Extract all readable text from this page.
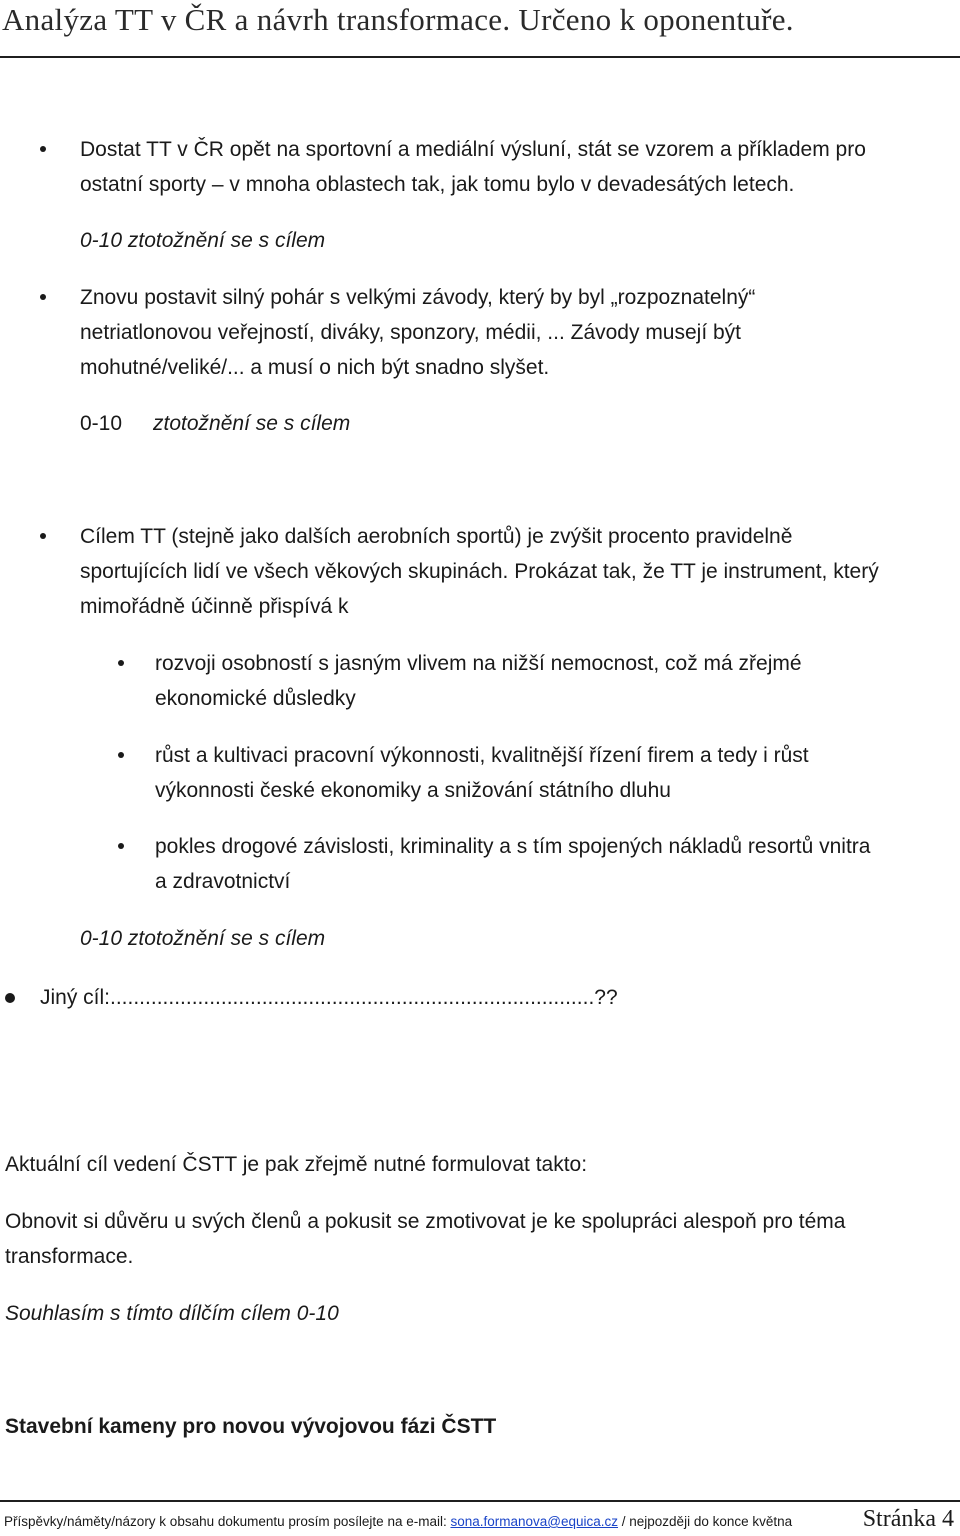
Analýza TT v ČR a návrh transformace. Určeno k oponentuře.
Dostat TT v ČR opět na sportovní a mediální výsluní, stát se vzorem a příkladem pro
ostatní sporty – v mnoha oblastech tak, jak tomu bylo v devadesátých letech.
0-10 ztotožnění se s cílem
Znovu postavit silný pohár s velkými závody, který by byl „rozpoznatelný“
netriatlonovou veřejností, diváky, sponzory, médii, ... Závody musejí být
mohutné/veliké/... a musí o nich být snadno slyšet.
0-10 ztotožnění se s cílem
Cílem TT (stejně jako dalších aerobních sportů) je zvýšit procento pravidelně
sportujících lidí ve všech věkových skupinách. Prokázat tak, že TT je instrument, který
mimořádně účinně přispívá k
rozvoji osobností s jasným vlivem na nižší nemocnost, což má zřejmé
ekonomické důsledky
růst a kultivaci pracovní výkonnosti, kvalitnější řízení firem a tedy i růst
výkonnosti české ekonomiky a snižování státního dluhu
pokles drogové závislosti, kriminality a s tím spojených nákladů resortů vnitra
a zdravotnictví
0-10 ztotožnění se s cílem
Jiný cíl:...................................................................................??
Aktuální cíl vedení ČSTT je pak zřejmě nutné formulovat takto:
Obnovit si důvěru u svých členů a pokusit se zmotivovat je ke spolupráci alespoň pro téma
transformace.
Souhlasím s tímto dílčím cílem 0-10
Stavební kameny pro novou vývojovou fázi ČSTT
Příspěvky/náměty/názory k obsahu dokumentu prosím posílejte na e-mail: sona.formanova@equica.cz / nejpozději do konce května	Stránka 4
